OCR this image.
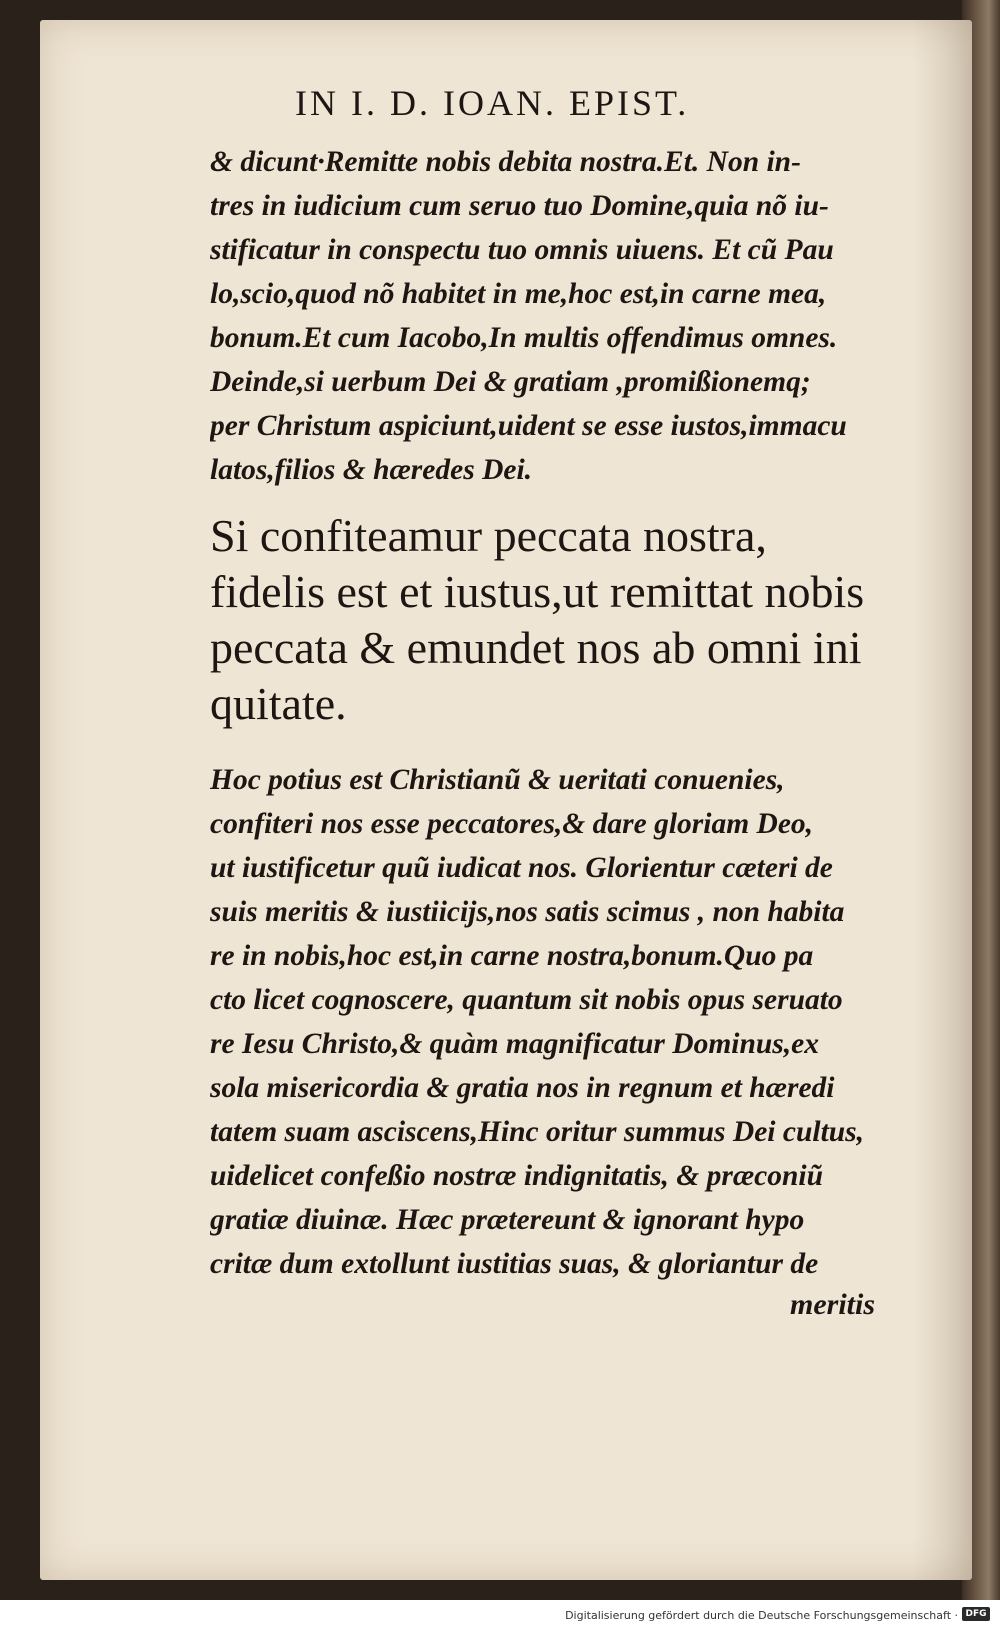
IN I. D. IOAN. EPIST.
& dicunt·Remitte nobis debita nostra.Et. Non in-
tres in iudicium cum seruo tuo Domine,quia nõ iu-
stificatur in conspectu tuo omnis uiuens. Et cũ Pau
lo,scio,quod nõ habitet in me,hoc est,in carne mea,
bonum.Et cum Iacobo,In multis offendimus omnes.
Deinde,si uerbum Dei & gratiam ,promißionemq;
per Christum aspiciunt,uident se esse iustos,immacu
latos,filios & hæredes Dei.
Si confiteamur peccata nostra,
fidelis est et iustus,ut remittat nobis
peccata & emundet nos ab omni ini
quitate.
Hoc potius est Christianũ & ueritati conuenies,
confiteri nos esse peccatores,& dare gloriam Deo,
ut iustificetur quũ iudicat nos. Glorientur cæteri de
suis meritis & iustiicijs,nos satis scimus , non habita
re in nobis,hoc est,in carne nostra,bonum.Quo pa
cto licet cognoscere, quantum sit nobis opus seruato
re Iesu Christo,& quàm magnificatur Dominus,ex
sola misericordia & gratia nos in regnum et hæredi
tatem suam asciscens,Hinc oritur summus Dei cultus,
uidelicet confeßio nostræ indignitatis, & præconiũ
gratiæ diuinæ. Hæc prætereunt & ignorant hypo
critæ dum extollunt iustitias suas, & gloriantur de
meritis
Digitalisierung gefördert durch die Deutsche Forschungsgemeinschaft · DFG
